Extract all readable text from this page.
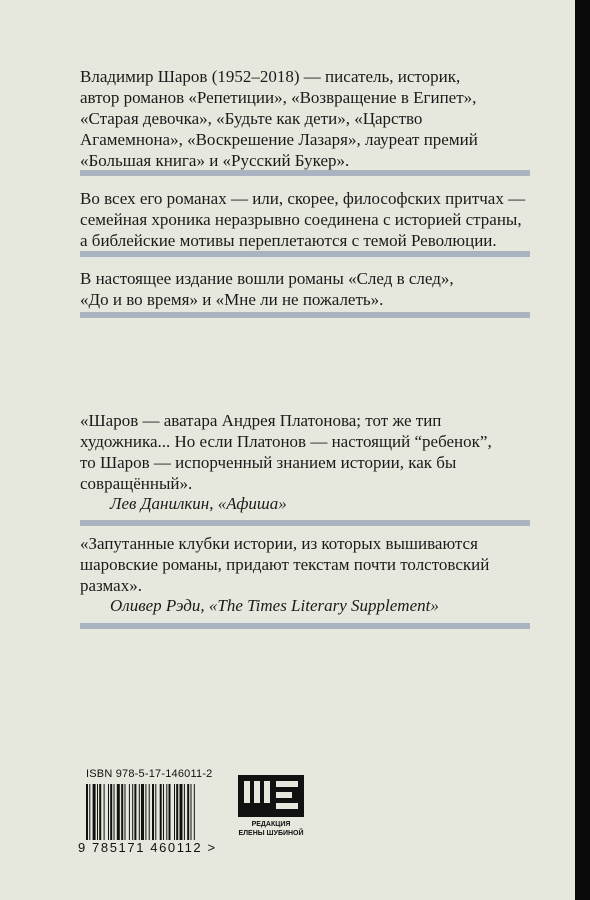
Владимир Шаров (1952–2018) — писатель, историк,
автор романов «Репетиции», «Возвращение в Египет»,
«Старая девочка», «Будьте как дети», «Царство
Агамемнона», «Воскрешение Лазаря», лауреат премий
«Большая книга» и «Русский Букер».
Во всех его романах — или, скорее, философских притчах —
семейная хроника неразрывно соединена с историей страны,
а библейские мотивы переплетаются с темой Революции.
В настоящее издание вошли романы «След в след»,
«До и во время» и «Мне ли не пожалеть».
«Шаров — аватара Андрея Платонова; тот же тип
художника... Но если Платонов — настоящий “ребенок”,
то Шаров — испорченный знанием истории, как бы
совращённый».
Лев Данилкин, «Афиша»
«Запутанные клубки истории, из которых вышиваются
шаровские романы, придают текстам почти толстовский
размах».
Оливер Рэди, «The Times Literary Supplement»
ISBN 978-5-17-146011-2
9 785171 460112 >
РЕДАКЦИЯ
ЕЛЕНЫ ШУБИНОЙ
